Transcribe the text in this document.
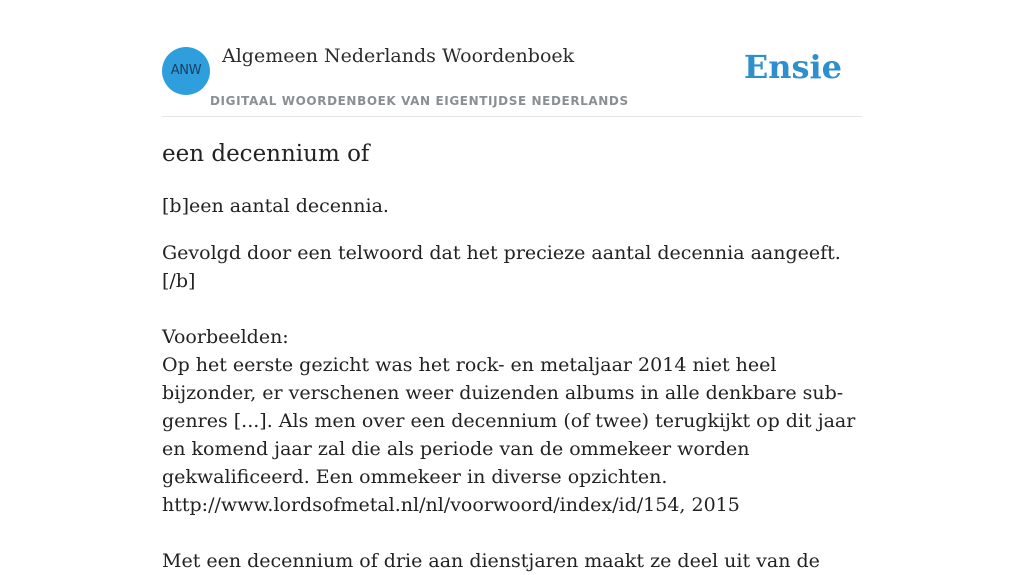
ANW
Algemeen Nederlands Woordenboek
DIGITAAL WOORDENBOEK VAN EIGENTIJDSE NEDERLANDS
Ensie
een decennium of

[b]een aantal decennia.

Gevolgd door een telwoord dat het precieze aantal decennia aangeeft.[/b]

Voorbeelden:
Op het eerste gezicht was het rock- en metaljaar 2014 niet heel bijzonder, er verschenen weer duizenden albums in alle denkbare sub-genres [...]. Als men over een decennium (of twee) terugkijkt op dit jaar en komend jaar zal die als periode van de ommekeer worden gekwalificeerd. Een ommekeer in diverse opzichten. http://www.lordsofmetal.nl/nl/voorwoord/index/id/154, 2015

Met een decennium of drie aan dienstjaren maakt ze deel uit van de
